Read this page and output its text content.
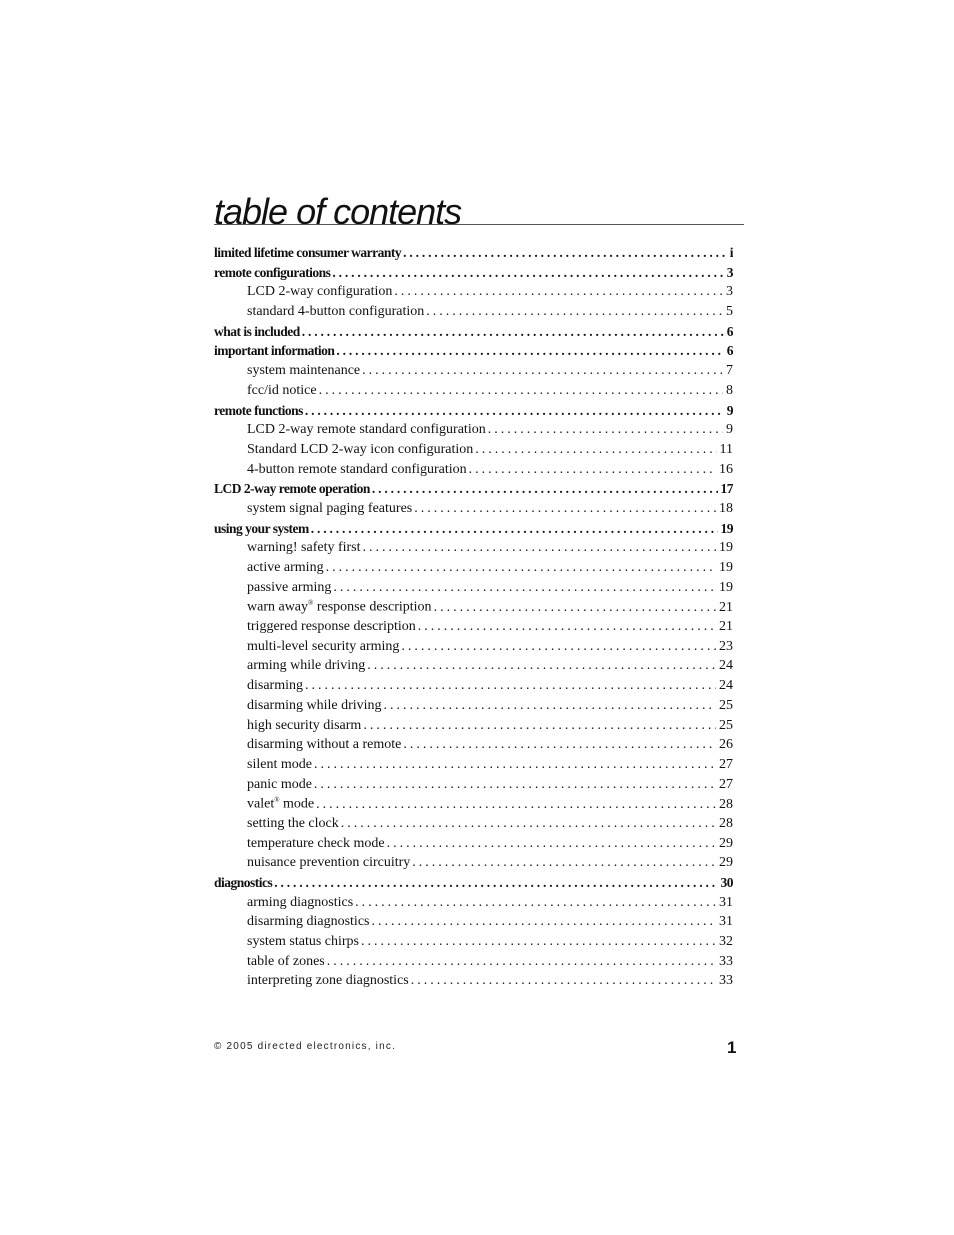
table of contents
limited lifetime consumer warranty . . .	i
remote configurations . . .	3
LCD 2-way configuration . . .	3
standard 4-button configuration . . .	5
what is included . . .	6
important information . . .	6
system maintenance . . .	7
fcc/id notice . . .	8
remote functions . . .	9
LCD 2-way remote standard configuration . . .	9
Standard LCD 2-way icon configuration . . .	11
4-button remote standard configuration . . .	16
LCD 2-way remote operation . . .	17
system signal paging features . . .	18
using your system . . .	19
warning! safety first . . .	19
active arming . . .	19
passive arming . . .	19
warn away® response description . . .	21
triggered response description . . .	21
multi-level security arming . . .	23
arming while driving . . .	24
disarming . . .	24
disarming while driving . . .	25
high security disarm . . .	25
disarming without a remote . . .	26
silent mode . . .	27
panic mode . . .	27
valet® mode . . .	28
setting the clock . . .	28
temperature check mode . . .	29
nuisance prevention circuitry . . .	29
diagnostics . . .	30
arming diagnostics . . .	31
disarming diagnostics . . .	31
system status chirps . . .	32
table of zones . . .	33
interpreting zone diagnostics . . .	33
© 2005 directed electronics, inc.	1
